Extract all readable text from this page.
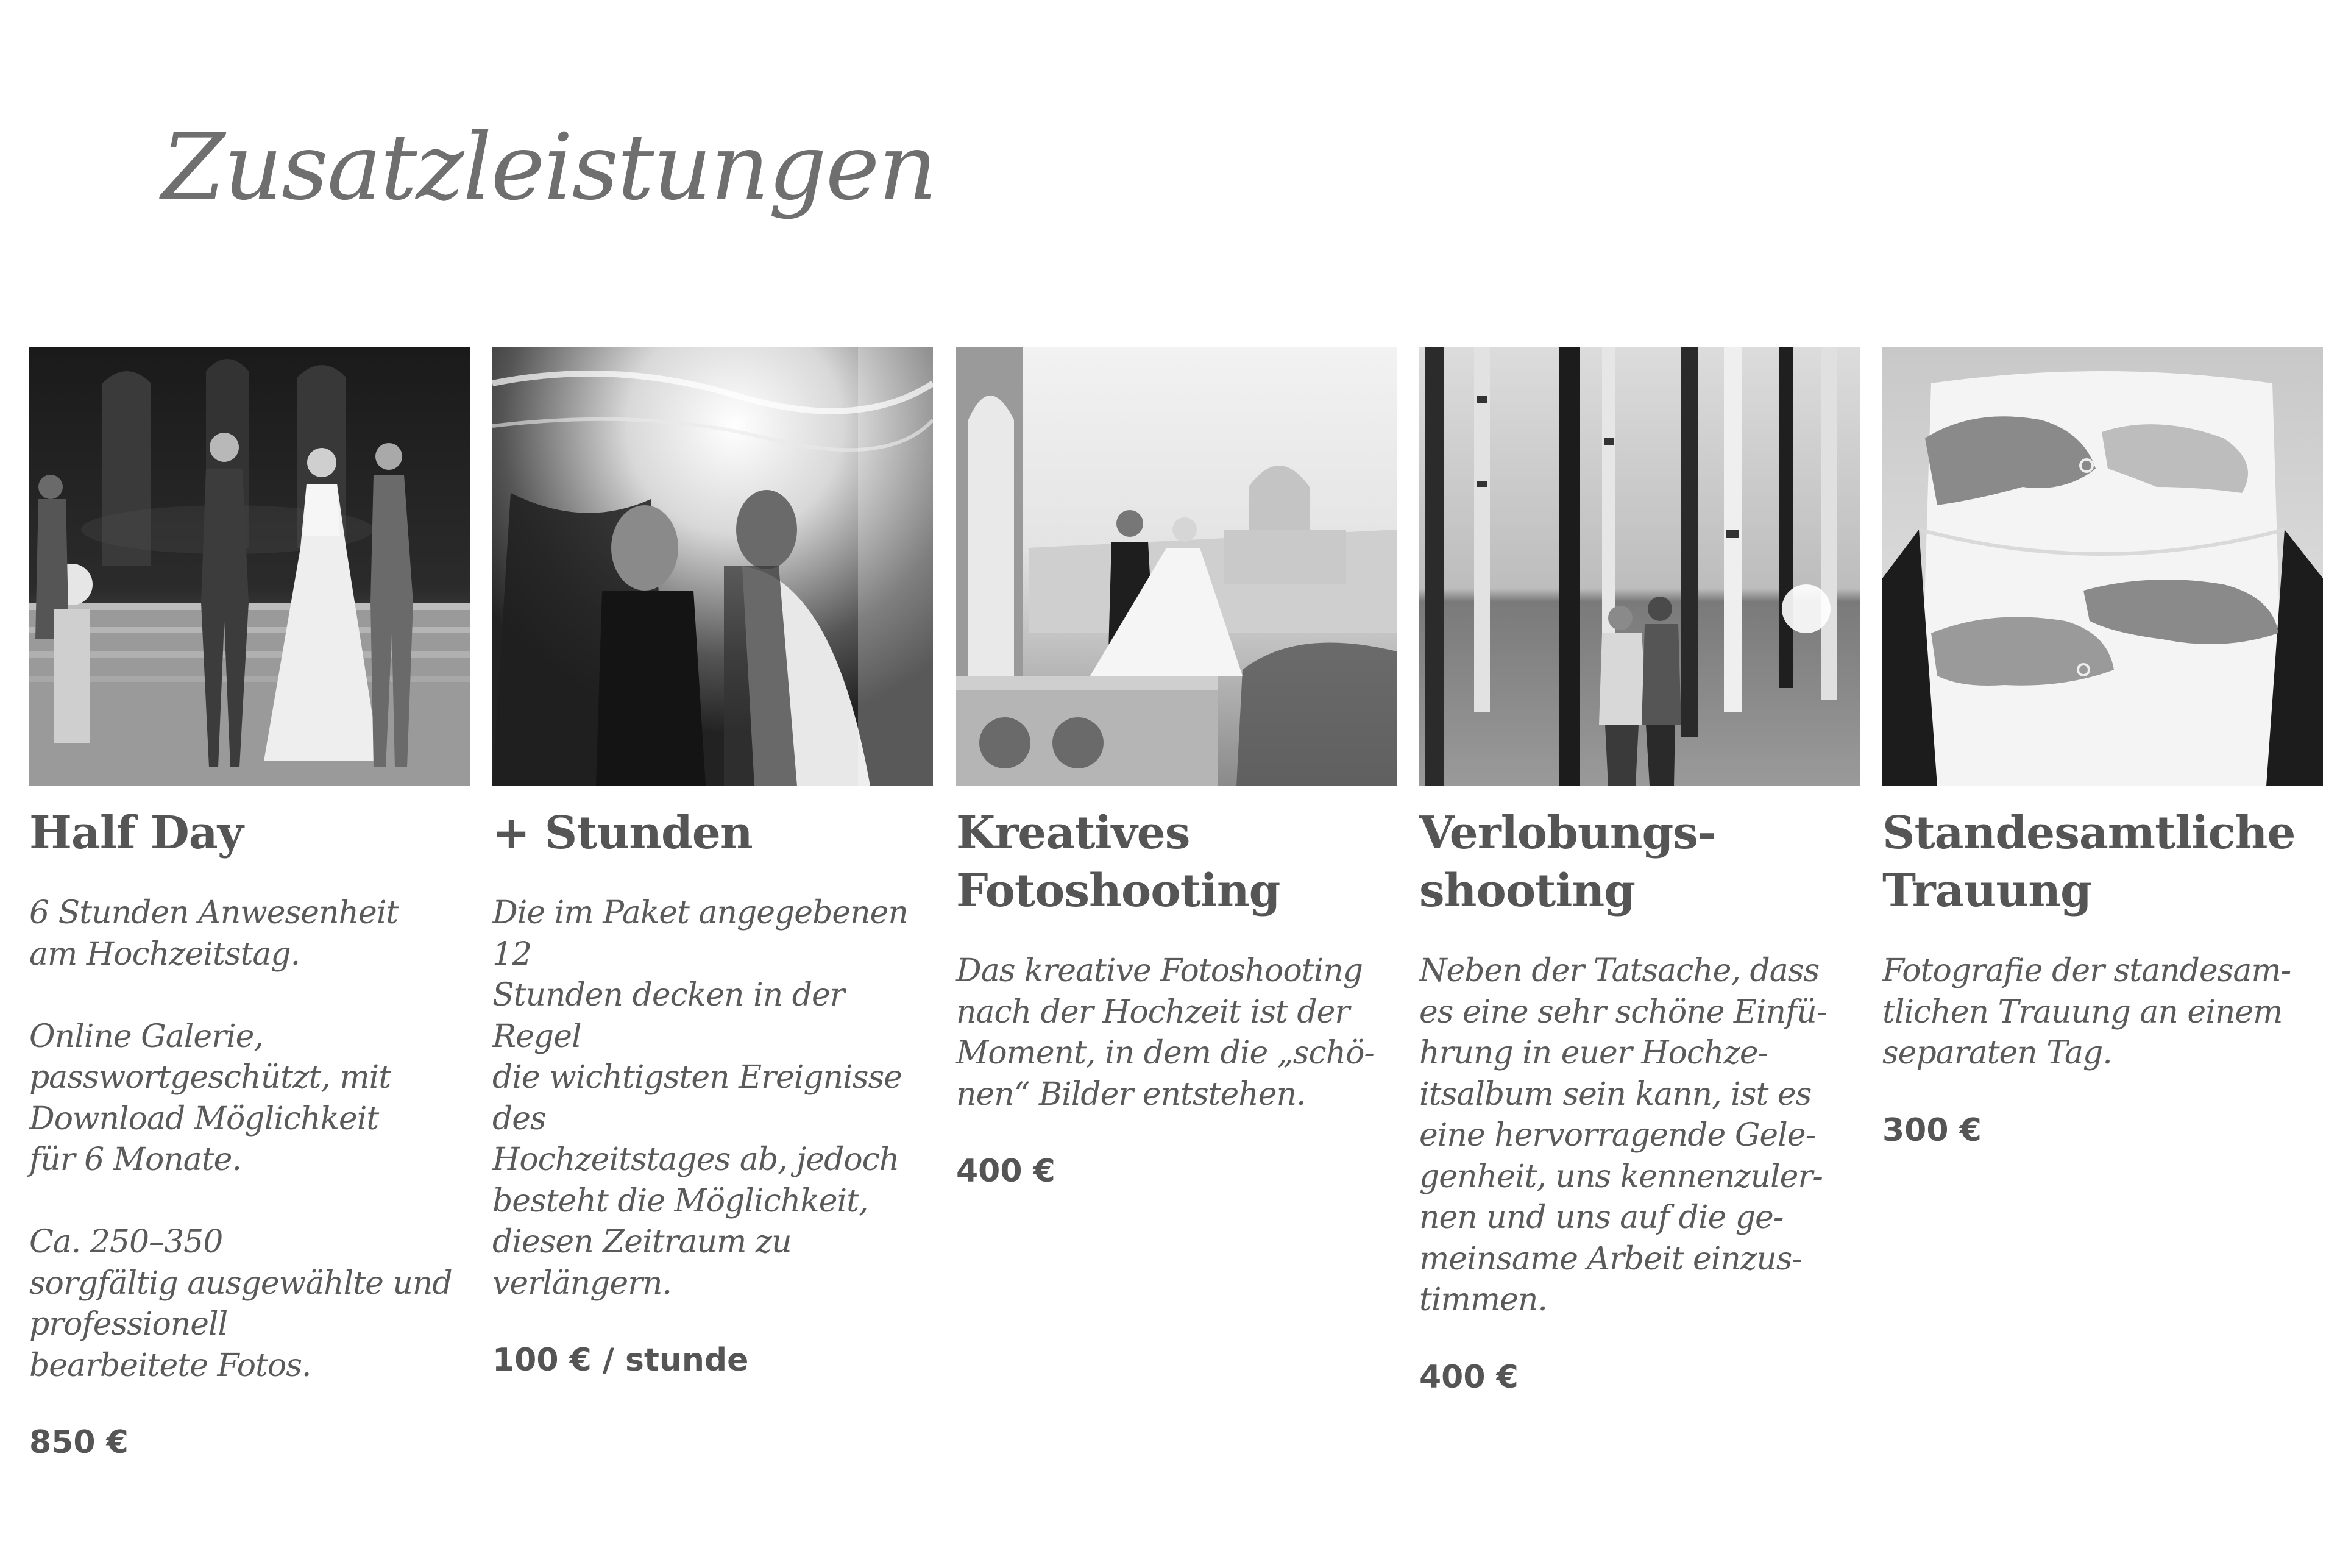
Zusatzleistungen
Half Day

6 Stunden Anwesenheit
am Hochzeitstag.

Online Galerie,
passwortgeschützt, mit
Download Möglichkeit
für 6 Monate.

Ca. 250–350
sorgfältig ausgewählte und
professionell
bearbeitete Fotos.

850 €

+ Stunden

Die im Paket angegebenen 12
Stunden decken in der Regel
die wichtigsten Ereignisse des
Hochzeitstages ab, jedoch
besteht die Möglichkeit,
diesen Zeitraum zu
verlängern.

100 € / stunde

Kreatives
Fotoshooting

Das kreative Fotoshooting
nach der Hochzeit ist der
Moment, in dem die „schö-
nen“ Bilder entstehen.

400 €

Verlobungs-
shooting

Neben der Tatsache, dass
es eine sehr schöne Einfü-
hrung in euer Hochze-
itsalbum sein kann, ist es
eine hervorragende Gele-
genheit, uns kennenzuler-
nen und uns auf die ge-
meinsame Arbeit einzus-
timmen.

400 €

Standesamtliche
Trauung

Fotografie der standesam-
tlichen Trauung an einem
separaten Tag.

300 €
